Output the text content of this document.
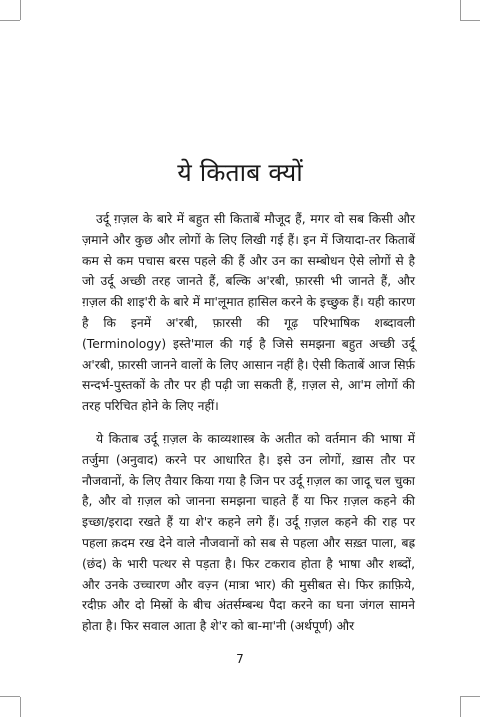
ये किताब क्यों

उर्दू ग़ज़ल के बारे में बहुत सी किताबें मौजूद हैं, मगर वो सब किसी और ज़माने और कुछ और लोगों के लिए लिखी गई हैं। इन में जियादा-तर किताबें कम से कम पचास बरस पहले की हैं और उन का सम्बोधन ऐसे लोगों से है जो उर्दू अच्छी तरह जानते हैं, बल्कि अ'रबी, फ़ारसी भी जानते हैं, और ग़ज़ल की शाइ'री के बारे में मा'लूमात हासिल करने के इच्छुक हैं। यही कारण है कि इनमें अ'रबी, फ़ारसी की गूढ़ परिभाषिक शब्दावली (Terminology) इस्ते'माल की गई है जिसे समझना बहुत अच्छी उर्दू अ'रबी, फ़ारसी जानने वालों के लिए आसान नहीं है। ऐसी किताबें आज सिर्फ़ सन्दर्भ-पुस्तकों के तौर पर ही पढ़ी जा सकती हैं, ग़ज़ल से, आ'म लोगों की तरह परिचित होने के लिए नहीं।

ये किताब उर्दू ग़ज़ल के काव्यशास्त्र के अतीत को वर्तमान की भाषा में तर्जुमा (अनुवाद) करने पर आधारित है। इसे उन लोगों, ख़ास तौर पर नौजवानों, के लिए तैयार किया गया है जिन पर उर्दू ग़ज़ल का जादू चल चुका है, और वो ग़ज़ल को जानना समझना चाहते हैं या फिर ग़ज़ल कहने की इच्छा/इरादा रखते हैं या शे'र कहने लगे हैं। उर्दू ग़ज़ल कहने की राह पर पहला क़दम रख देने वाले नौजवानों को सब से पहला और सख़्त पाला, बह्र (छंद) के भारी पत्थर से पड़ता है। फिर टकराव होता है भाषा और शब्दों, और उनके उच्चारण और वज़्न (मात्रा भार) की मुसीबत से। फिर क़ाफ़िये, रदीफ़ और दो मिस्रों के बीच अंतर्सम्बन्ध पैदा करने का घना जंगल सामने होता है। फिर सवाल आता है शे'र को बा-मा'नी (अर्थपूर्ण) और

7
